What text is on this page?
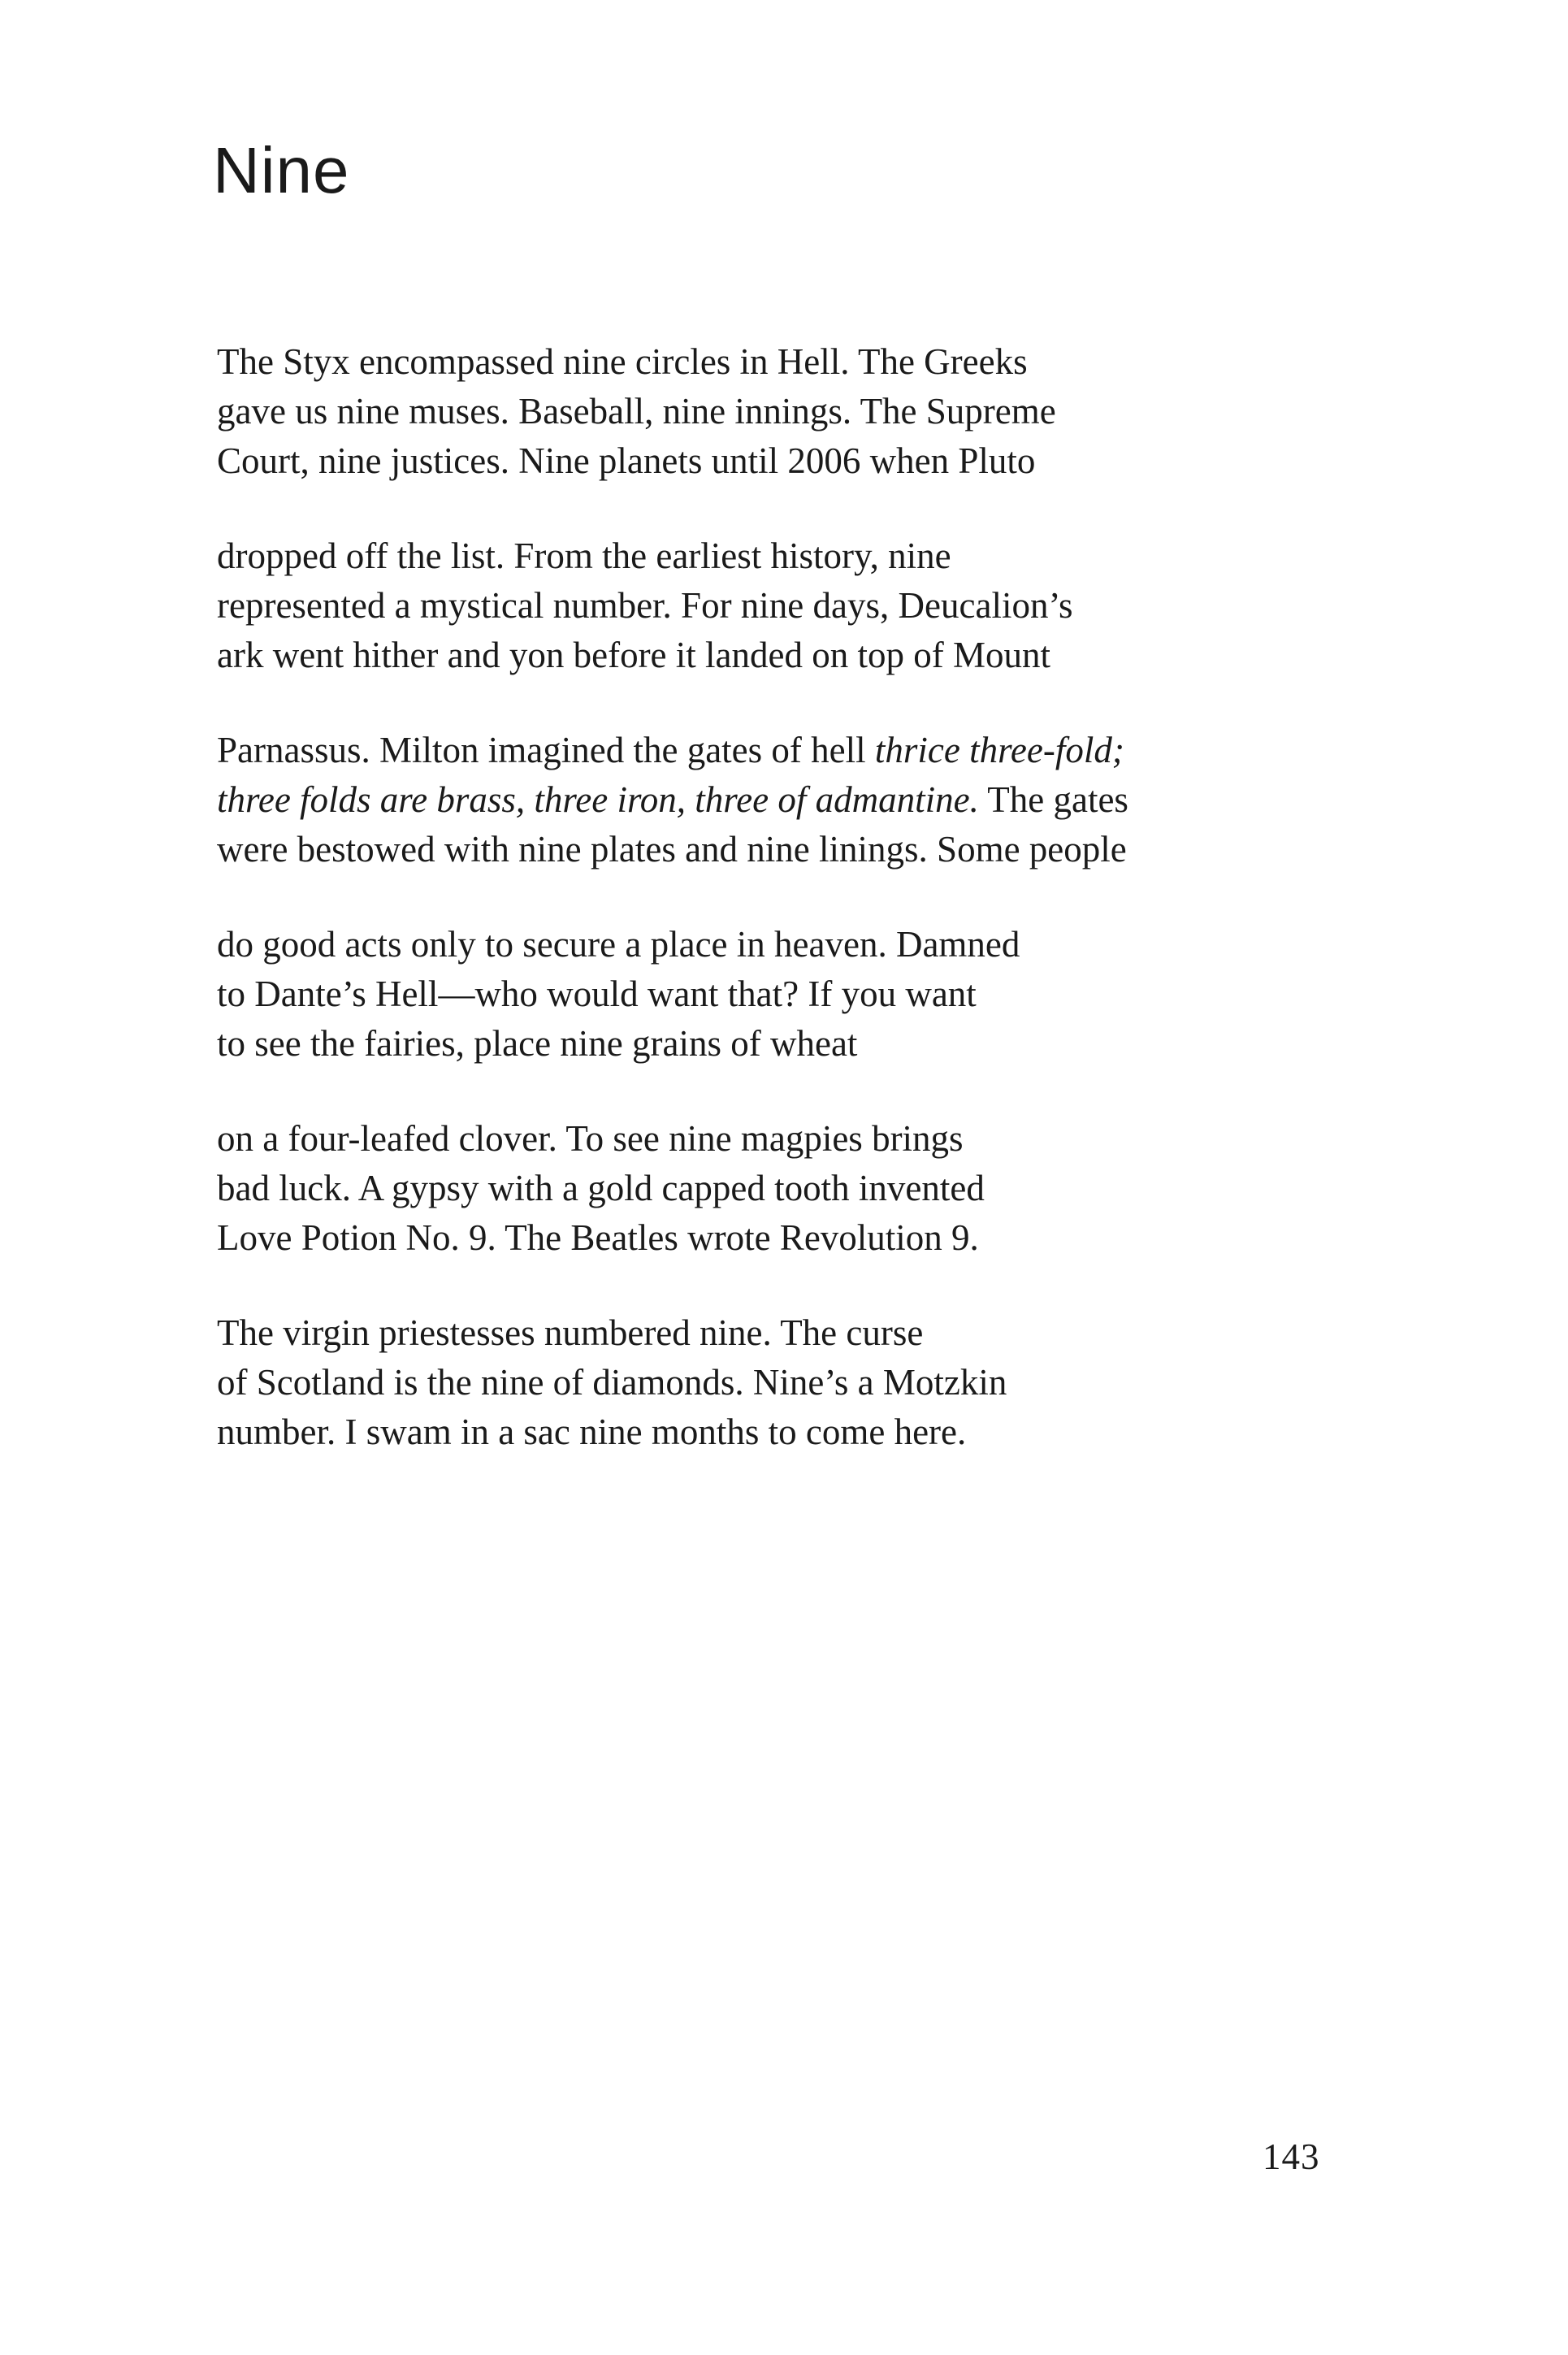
Nine
The Styx encompassed nine circles in Hell. The Greeks
gave us nine muses. Baseball, nine innings. The Supreme
Court, nine justices. Nine planets until 2006 when Pluto
dropped off the list. From the earliest history, nine
represented a mystical number. For nine days, Deucalion’s
ark went hither and yon before it landed on top of Mount
Parnassus. Milton imagined the gates of hell thrice three-fold;
three folds are brass, three iron, three of admantine. The gates
were bestowed with nine plates and nine linings. Some people
do good acts only to secure a place in heaven. Damned
to Dante’s Hell—who would want that? If you want
to see the fairies, place nine grains of wheat
on a four-leafed clover. To see nine magpies brings
bad luck. A gypsy with a gold capped tooth invented
Love Potion No. 9. The Beatles wrote Revolution 9.
The virgin priestesses numbered nine. The curse
of Scotland is the nine of diamonds. Nine’s a Motzkin
number. I swam in a sac nine months to come here.
143
